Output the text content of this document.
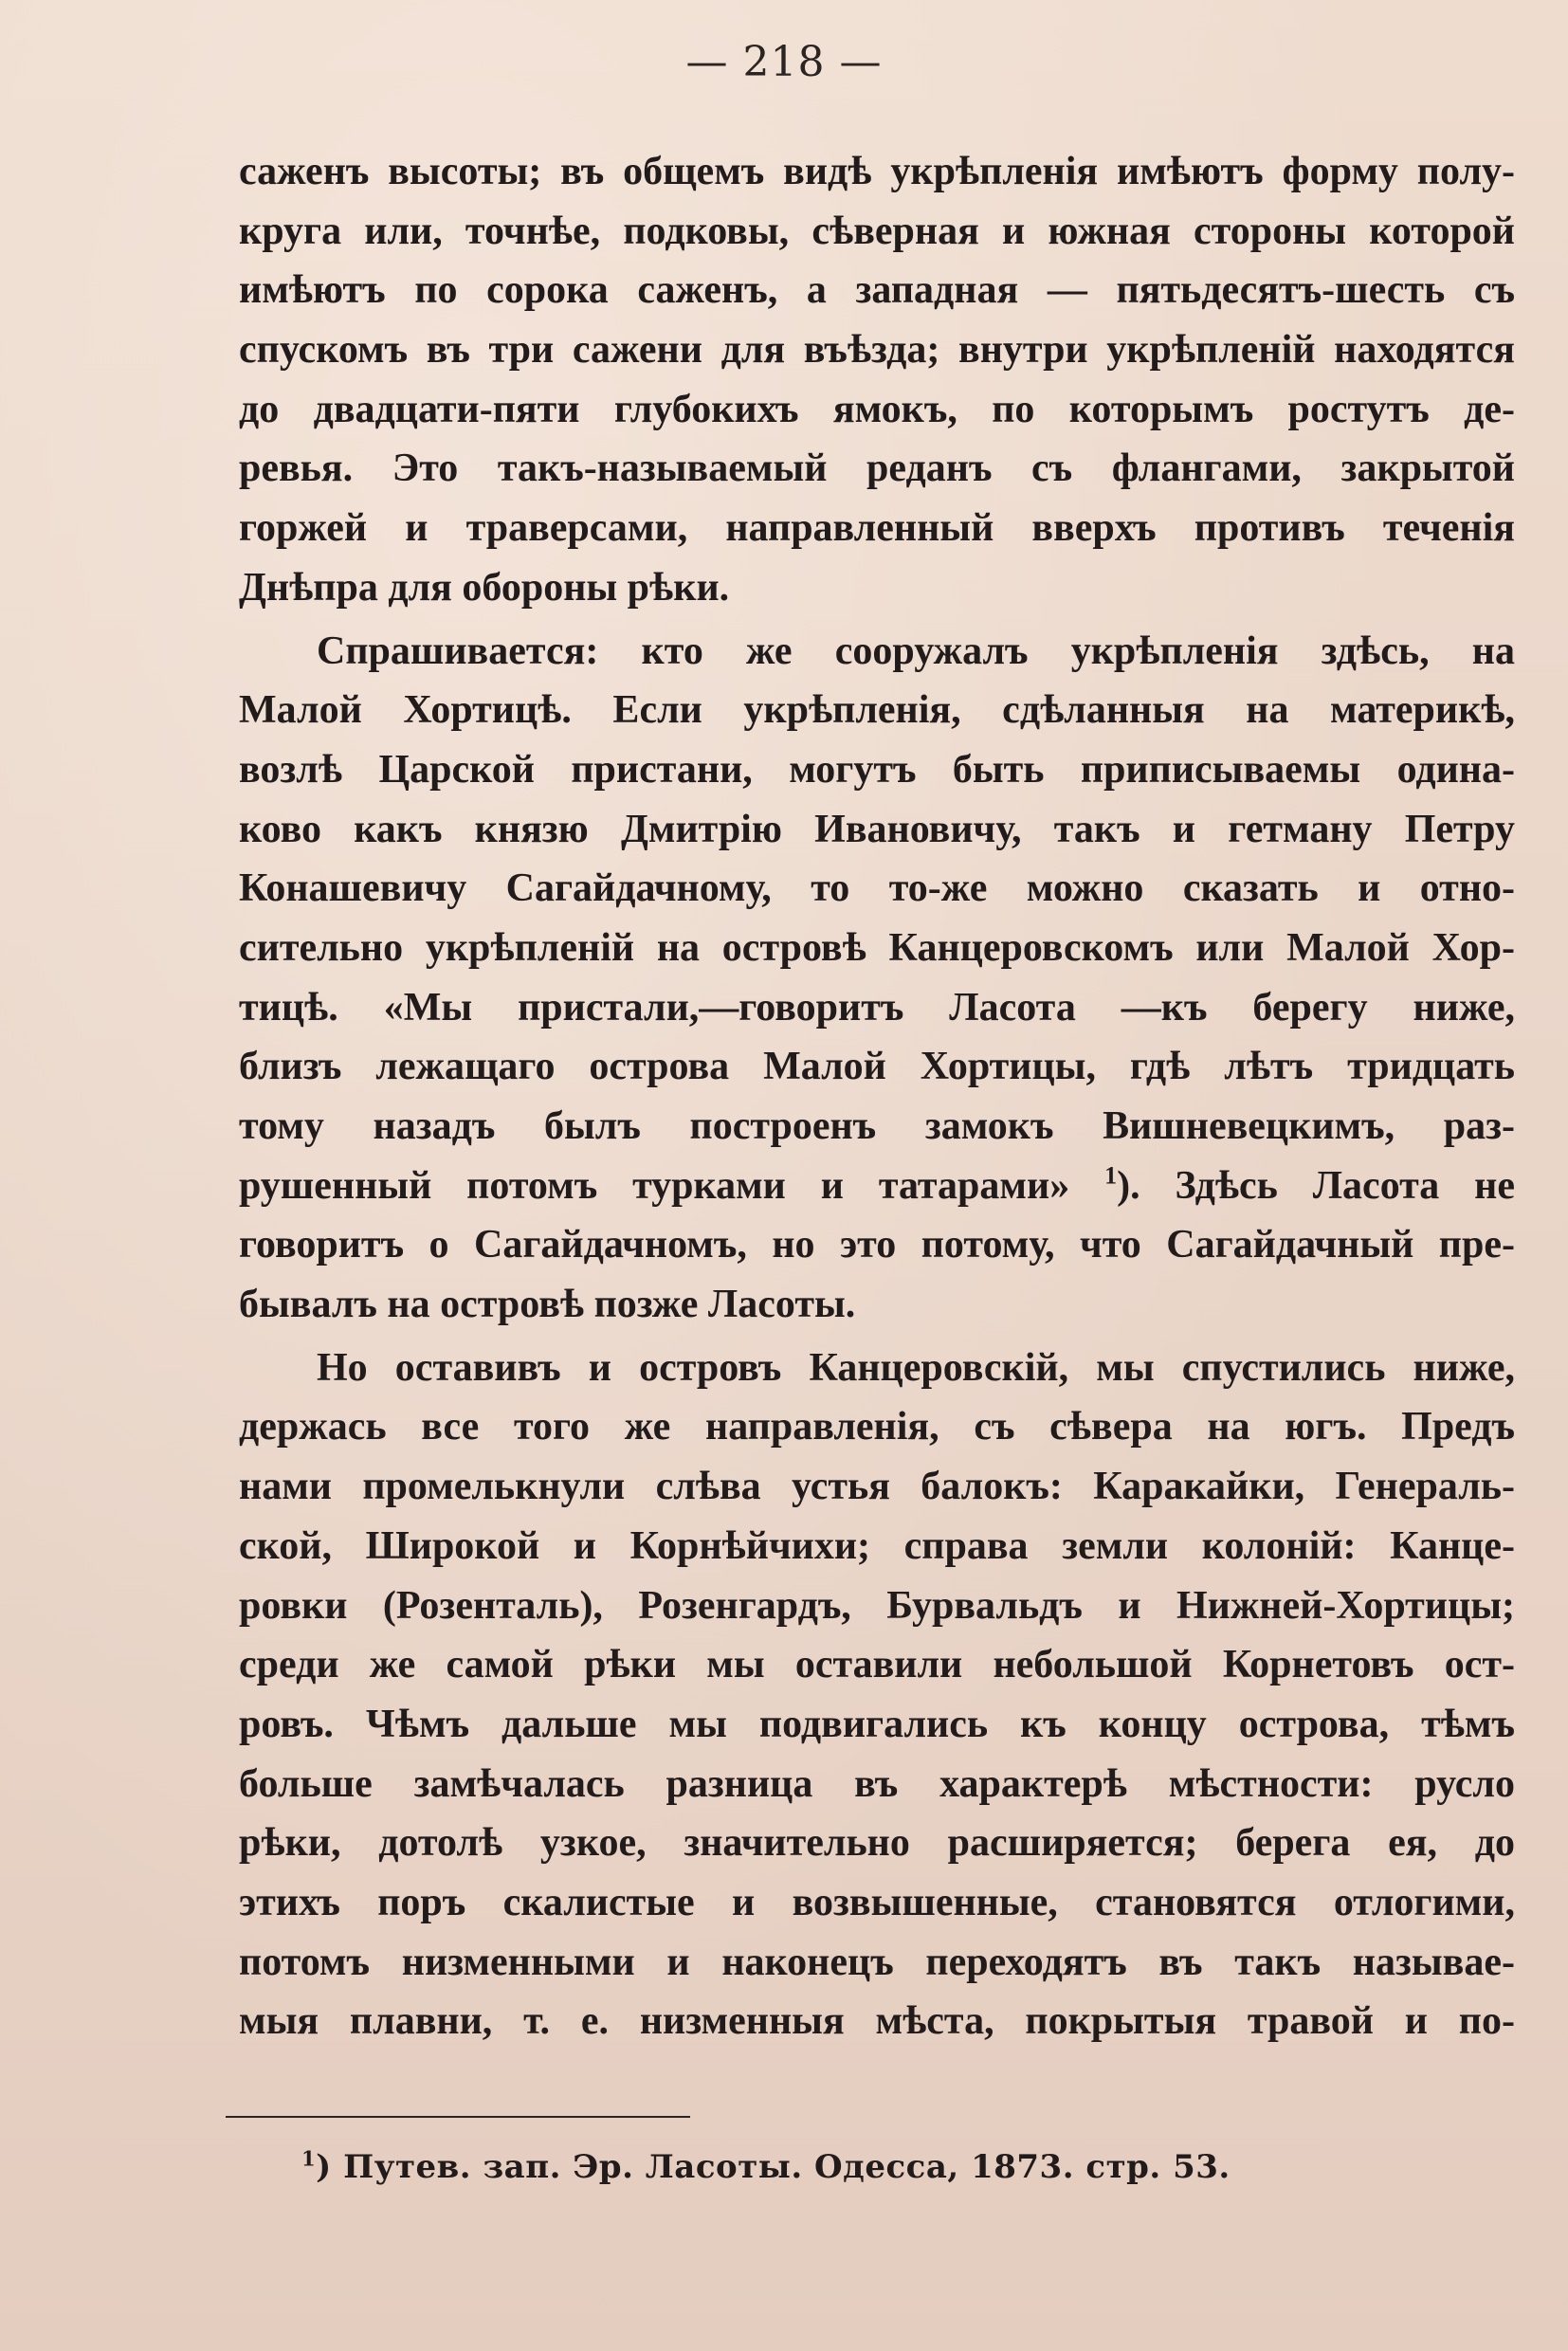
— 218 —
саженъ высоты; въ общемъ видѣ укрѣпленія имѣютъ форму полу-
круга или, точнѣе, подковы, сѣверная и южная стороны которой
имѣютъ по сорока саженъ, а западная — пятьдесятъ-шесть съ
спускомъ въ три сажени для въѣзда; внутри укрѣпленій находятся
до двадцати-пяти глубокихъ ямокъ, по которымъ ростутъ де-
ревья. Это такъ-называемый реданъ съ флангами, закрытой
горжей и траверсами, направленный вверхъ противъ теченія
Днѣпра для обороны рѣки.
Спрашивается: кто же сооружалъ укрѣпленія здѣсь, на
Малой Хортицѣ. Если укрѣпленія, сдѣланныя на материкѣ,
возлѣ Царской пристани, могутъ быть приписываемы одина-
ково какъ князю Дмитрію Ивановичу, такъ и гетману Петру
Конашевичу Сагайдачному, то то-же можно сказать и отно-
сительно укрѣпленій на островѣ Канцеровскомъ или Малой Хор-
тицѣ. «Мы пристали,—говоритъ Ласота —къ берегу ниже,
близъ лежащаго острова Малой Хортицы, гдѣ лѣтъ тридцать
тому назадъ былъ построенъ замокъ Вишневецкимъ, раз-
рушенный потомъ турками и татарами» $^1$). Здѣсь Ласота не
говоритъ о Сагайдачномъ, но это потому, что Сагайдачный пре-
бывалъ на островѣ позже Ласоты.
Но оставивъ и островъ Канцеровскій, мы спустились ниже,
держась все того же направленія, съ сѣвера на югъ. Предъ
нами промелькнули слѣва устья балокъ: Каракайки, Генераль-
ской, Широкой и Корнѣйчихи; справа земли колоній: Канце-
ровки (Розенталь), Розенгардъ, Бурвальдъ и Нижней-Хортицы;
среди же самой рѣки мы оставили небольшой Корнетовъ ост-
ровъ. Чѣмъ дальше мы подвигались къ концу острова, тѣмъ
больше замѣчалась разница въ характерѣ мѣстности: русло
рѣки, дотолѣ узкое, значительно расширяется; берега ея, до
этихъ поръ скалистые и возвышенные, становятся отлогими,
потомъ низменными и наконецъ переходятъ въ такъ называе-
мыя плавни, т. е. низменныя мѣста, покрытыя травой и по-
$^1$) Путев. зап. Эр. Ласоты. Одесса, 1873. стр. 53.
